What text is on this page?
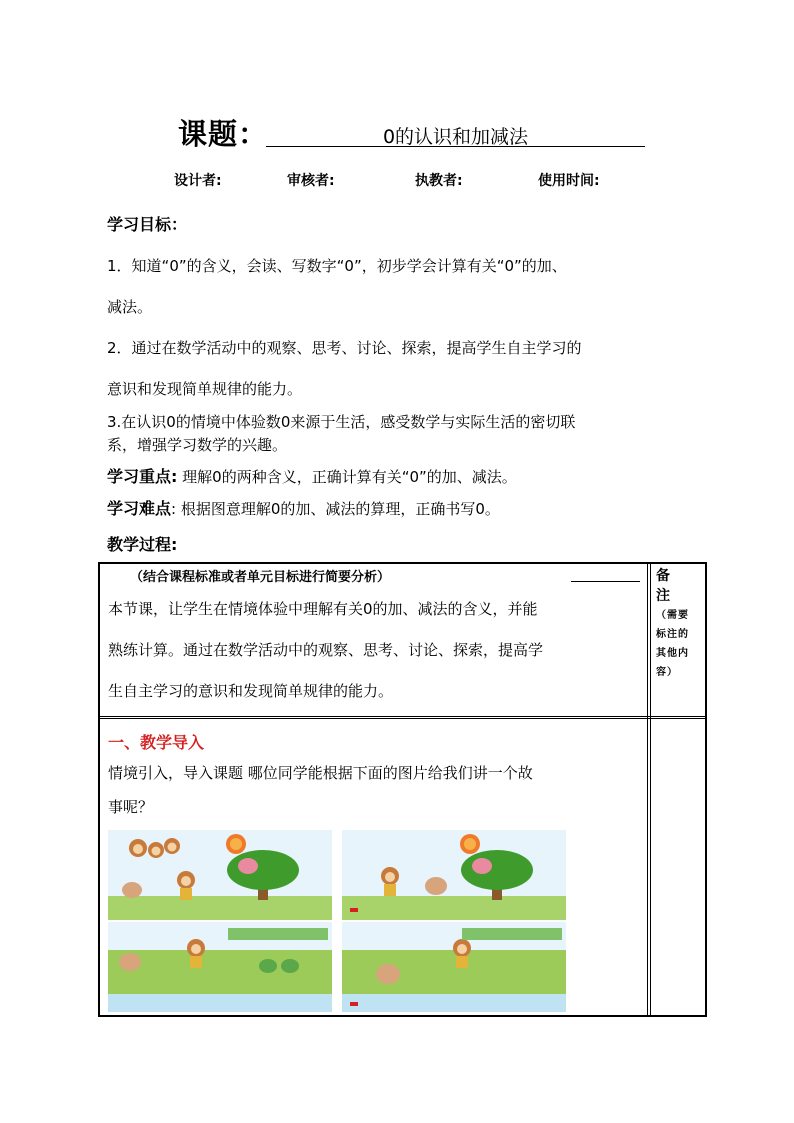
课题：	0的认识和加减法
设计者:	审核者:	执教者:	使用时间:
学习目标：
1．知道“0”的含义，会读、写数字“0”，初步学会计算有关“0”的加、
减法。
2．通过在数学活动中的观察、思考、讨论、探索，提高学生自主学习的
意识和发现简单规律的能力。
3.在认识0的情境中体验数0来源于生活，感受数学与实际生活的密切联
系，增强学习数学的兴趣。
学习重点: 理解0的两种含义，正确计算有关“0”的加、减法。
学习难点: 根据图意理解0的加、减法的算理，正确书写0。
教学过程:
（结合课程标准或者单元目标进行简要分析）
本节课，让学生在情境体验中理解有关0的加、减法的含义，并能
熟练计算。通过在数学活动中的观察、思考、讨论、探索，提高学
生自主学习的意识和发现简单规律的能力。
备
注
（需要
标注的
其他内
容）
一、教学导入
情境引入，导入课题 哪位同学能根据下面的图片给我们讲一个故
事呢？
